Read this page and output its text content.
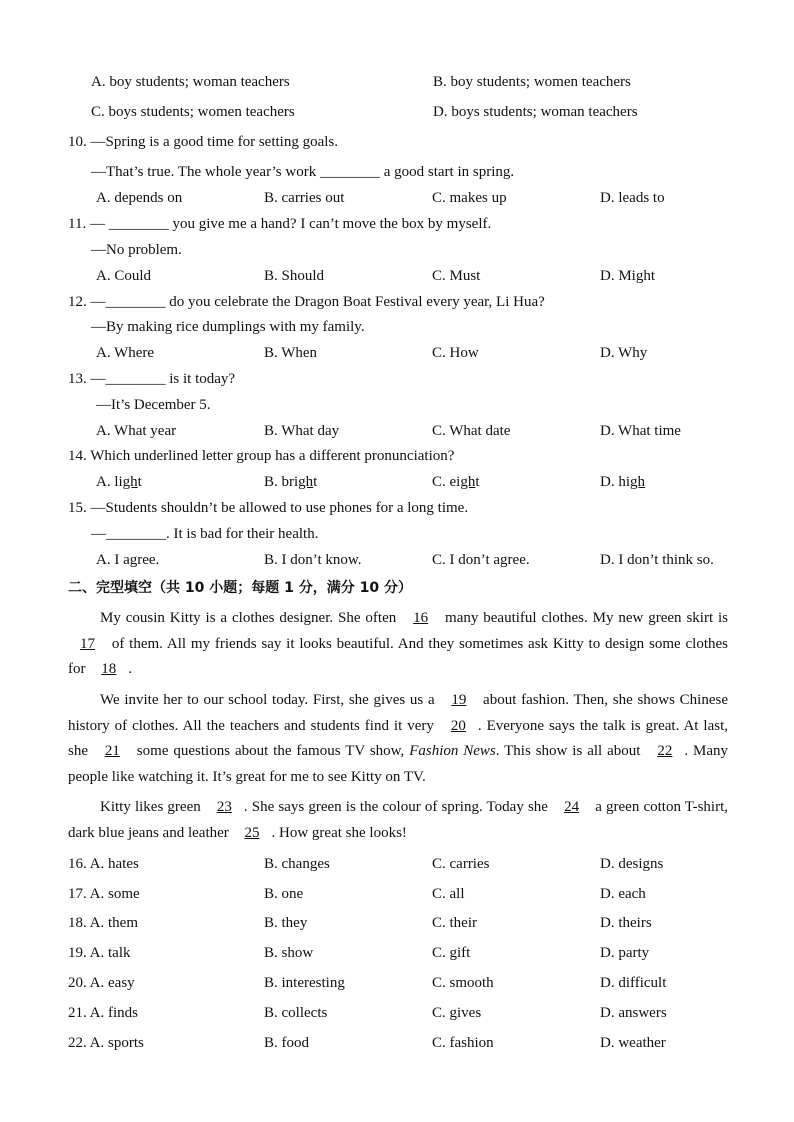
A. boy students; woman teachers	B. boy students; women teachers
C. boys students; women teachers	D. boys students; woman teachers
10. —Spring is a good time for setting goals.
—That’s true. The whole year’s work ________ a good start in spring.
A. depends on	B. carries out	C. makes up	D. leads to
11. — ________ you give me a hand? I can’t move the box by myself.
—No problem.
A. Could	B. Should	C. Must	D. Might
12. —________ do you celebrate the Dragon Boat Festival every year, Li Hua?
—By making rice dumplings with my family.
A. Where	B. When	C. How	D. Why
13. —________ is it today?
—It’s December 5.
A. What year	B. What day	C. What date	D. What time
14. Which underlined letter group has a different pronunciation?
A. light	B. bright	C. eight	D. high
15. —Students shouldn’t be allowed to use phones for a long time.
—________. It is bad for their health.
A. I agree.	B. I don’t know.	C. I don’t agree.	D. I don’t think so.
二、完型填空（共 10 小题；每题 1 分，满分 10 分）
My cousin Kitty is a clothes designer. She often 16 many beautiful clothes. My new green skirt is 17 of them. All my friends say it looks beautiful. And they sometimes ask Kitty to design some clothes for 18 .
We invite her to our school today. First, she gives us a 19 about fashion. Then, she shows Chinese history of clothes. All the teachers and students find it very 20 . Everyone says the talk is great. At last, she 21 some questions about the famous TV show, Fashion News. This show is all about 22 . Many people like watching it. It’s great for me to see Kitty on TV.
Kitty likes green 23 . She says green is the colour of spring. Today she 24 a green cotton T-shirt, dark blue jeans and leather 25 . How great she looks!
16. A. hates	B. changes	C. carries	D. designs
17. A. some	B. one	C. all	D. each
18. A. them	B. they	C. their	D. theirs
19. A. talk	B. show	C. gift	D. party
20. A. easy	B. interesting	C. smooth	D. difficult
21. A. finds	B. collects	C. gives	D. answers
22. A. sports	B. food	C. fashion	D. weather
